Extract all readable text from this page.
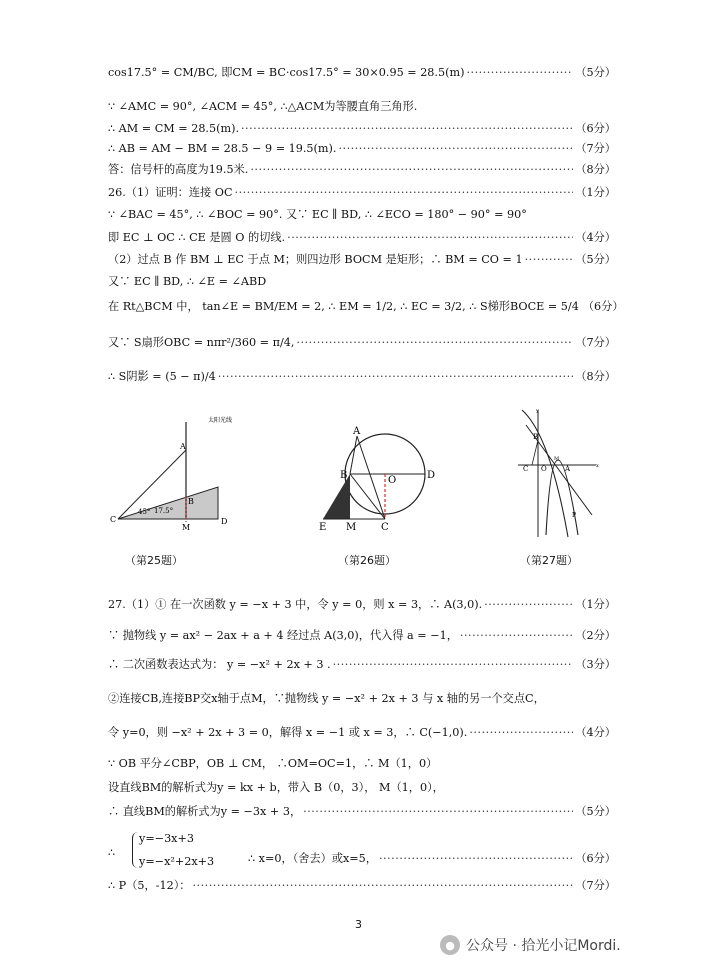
cos17.5° = CM/BC, 即CM = BC·cos17.5° = 30×0.95 = 28.5(m) ·····	（5分）
∵ ∠AMC = 90°, ∠ACM = 45°, ∴△ACM为等腰直角三角形.
∴ AM = CM = 28.5(m). ·····	（6分）
∴ AB = AM − BM = 28.5 − 9 = 19.5(m). ·····	（7分）
答：信号杆的高度为19.5米. ·····	（8分）
26.（1）证明：连接 OC ·····	（1分）
∵ ∠BAC = 45°, ∴ ∠BOC = 90°. 又∵ EC ∥ BD, ∴ ∠ECO = 180° − 90° = 90°
即 EC ⊥ OC ∴ CE 是圆 O 的切线. ·····	（4分）
（2）过点 B 作 BM ⊥ EC 于点 M；则四边形 BOCM 是矩形；∴ BM = CO = 1 ·····	（5分）
又∵ EC ∥ BD, ∴ ∠E = ∠ABD
在 Rt△BCM 中， tan∠E = BM/EM = 2, ∴ EM = 1/2, ∴ EC = 3/2, ∴ S梯形BOCE = 5/4 （6分）
又∵ S扇形OBC = nπr²/360 = π/4, ·····	（7分）
∴ S阴影 = (5 − π)/4 ·····	（8分）
太阳光线
A
B
C	D
M
45° 17.5°
（第25题）
A
B
C
D
E M
O
（第26题）
y
x
B
C O	A
M
P
（第27题）
27.（1）① 在一次函数 y = −x + 3 中，令 y = 0，则 x = 3，∴ A(3,0). ·····	（1分）
∵ 抛物线 y = ax² − 2ax + a + 4 经过点 A(3,0)，代入得 a = −1， ·····	（2分）
∴ 二次函数表达式为： y = −x² + 2x + 3 . ·····	（3分）
②连接CB,连接BP交x轴于点M，∵抛物线 y = −x² + 2x + 3 与 x 轴的另一个交点C，
令 y=0，则 −x² + 2x + 3 = 0，解得 x = −1 或 x = 3，∴ C(−1,0). ·····	（4分）
∵ OB 平分∠CBP，OB ⊥ CM， ∴OM=OC=1，∴ M（1，0）
设直线BM的解析式为y = kx + b，带入 B（0，3）， M（1，0），
∴ 直线BM的解析式为y = −3x + 3， ·····	（5分）
∴
y=−3x+3
y=−x²+2x+3	∴ x=0，（舍去）或x=5， ·····	（6分）
∴ P（5，-12）： ·····	（7分）
3
● 公众号 · 拾光小记Mordi.
